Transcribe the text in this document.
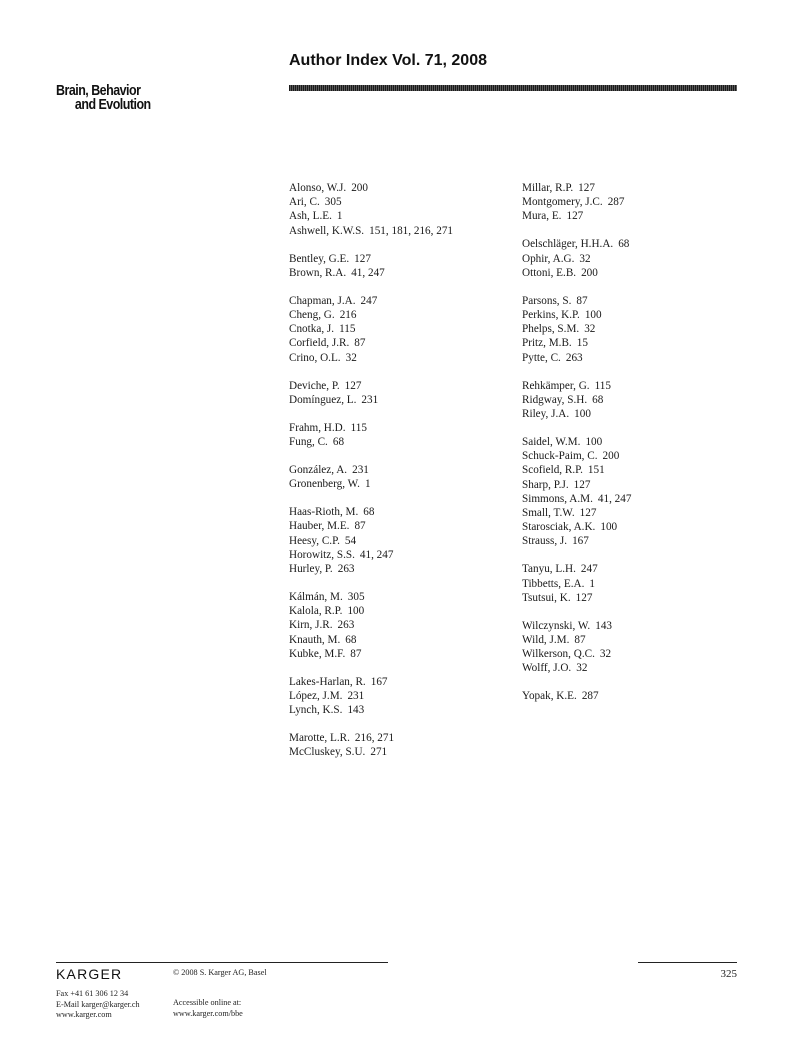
Brain, Behavior
and Evolution
Author Index Vol. 71, 2008
Alonso, W.J. 200
Ari, C. 305
Ash, L.E. 1
Ashwell, K.W.S. 151, 181, 216, 271
Bentley, G.E. 127
Brown, R.A. 41, 247
Chapman, J.A. 247
Cheng, G. 216
Cnotka, J. 115
Corfield, J.R. 87
Crino, O.L. 32
Deviche, P. 127
Domínguez, L. 231
Frahm, H.D. 115
Fung, C. 68
González, A. 231
Gronenberg, W. 1
Haas-Rioth, M. 68
Hauber, M.E. 87
Heesy, C.P. 54
Horowitz, S.S. 41, 247
Hurley, P. 263
Kálmán, M. 305
Kalola, R.P. 100
Kirn, J.R. 263
Knauth, M. 68
Kubke, M.F. 87
Lakes-Harlan, R. 167
López, J.M. 231
Lynch, K.S. 143
Marotte, L.R. 216, 271
McCluskey, S.U. 271
Millar, R.P. 127
Montgomery, J.C. 287
Mura, E. 127
Oelschläger, H.H.A. 68
Ophir, A.G. 32
Ottoni, E.B. 200
Parsons, S. 87
Perkins, K.P. 100
Phelps, S.M. 32
Pritz, M.B. 15
Pytte, C. 263
Rehkämper, G. 115
Ridgway, S.H. 68
Riley, J.A. 100
Saidel, W.M. 100
Schuck-Paim, C. 200
Scofield, R.P. 151
Sharp, P.J. 127
Simmons, A.M. 41, 247
Small, T.W. 127
Starosciak, A.K. 100
Strauss, J. 167
Tanyu, L.H. 247
Tibbetts, E.A. 1
Tsutsui, K. 127
Wilczynski, W. 143
Wild, J.M. 87
Wilkerson, Q.C. 32
Wolff, J.O. 32
Yopak, K.E. 287
KARGER	© 2008 S. Karger AG, Basel
Fax +41 61 306 12 34
E-Mail karger@karger.ch
www.karger.com
Accessible online at:
www.karger.com/bbe
325
